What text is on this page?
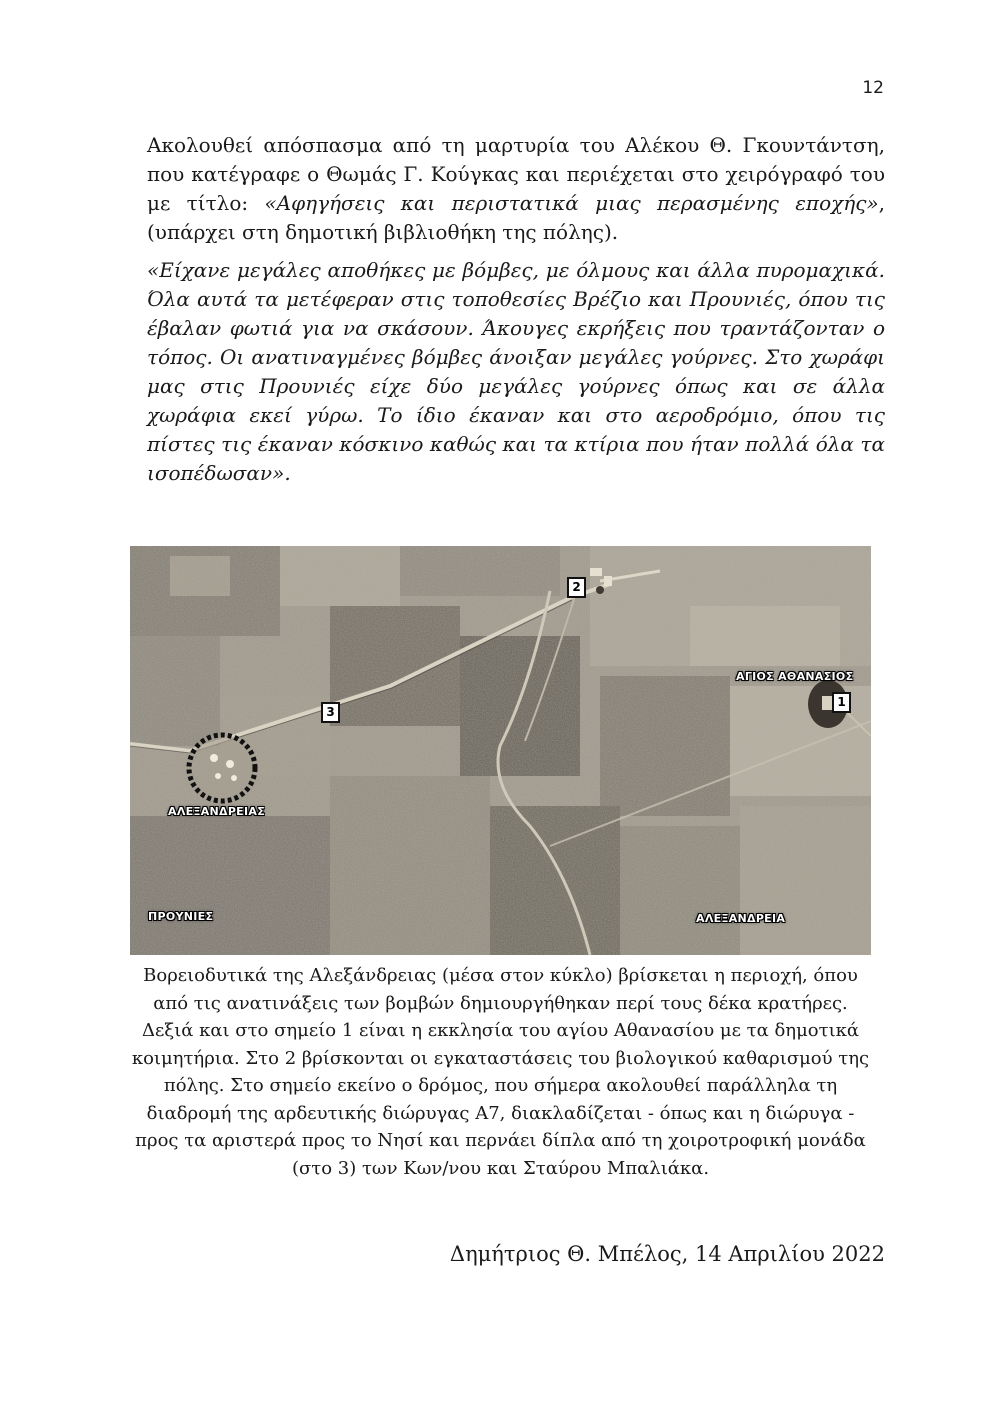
12

Ακολουθεί απόσπασμα από τη μαρτυρία του Αλέκου Θ. Γκουντάντση, που κατέγραφε ο Θωμάς Γ. Κούγκας και περιέχεται στο χειρόγραφό του με τίτλο: «Αφηγήσεις και περιστατικά μιας περασμένης εποχής», (υπάρχει στη δημοτική βιβλιοθήκη της πόλης).

«Είχανε μεγάλες αποθήκες με βόμβες, με όλμους και άλλα πυρομαχικά. Όλα αυτά τα μετέφεραν στις τοποθεσίες Βρέζιο και Προυνιές, όπου τις έβαλαν φωτιά για να σκάσουν. Άκουγες εκρήξεις που τραντάζονταν ο τόπος. Οι ανατιναγμένες βόμβες άνοιξαν μεγάλες γούρνες. Στο χωράφι μας στις Προυνιές είχε δύο μεγάλες γούρνες όπως και σε άλλα χωράφια εκεί γύρω. Το ίδιο έκαναν και στο αεροδρόμιο, όπου τις πίστες τις έκαναν κόσκινο καθώς και τα κτίρια που ήταν πολλά όλα τα ισοπέδωσαν».

2
3
1
ΑΓΙΟΣ ΑΘΑΝΑΣΙΟΣ
ΑΛΕΞΑΝΔΡΕΙΑΣ
ΠΡΟΥΝΙΕΣ	ΑΛΕΞΑΝΔΡΕΙΑ

Βορειοδυτικά της Αλεξάνδρειας (μέσα στον κύκλο) βρίσκεται η περιοχή, όπου από τις ανατινάξεις των βομβών δημιουργήθηκαν περί τους δέκα κρατήρες. Δεξιά και στο σημείο 1 είναι η εκκλησία του αγίου Αθανασίου με τα δημοτικά κοιμητήρια. Στο 2 βρίσκονται οι εγκαταστάσεις του βιολογικού καθαρισμού της πόλης. Στο σημείο εκείνο ο δρόμος, που σήμερα ακολουθεί παράλληλα τη διαδρομή της αρδευτικής διώρυγας Α7, διακλαδίζεται - όπως και η διώρυγα - προς τα αριστερά προς το Νησί και περνάει δίπλα από τη χοιροτροφική μονάδα (στο 3) των Κων/νου και Σταύρου Μπαλιάκα.

Δημήτριος Θ. Μπέλος, 14 Απριλίου 2022
